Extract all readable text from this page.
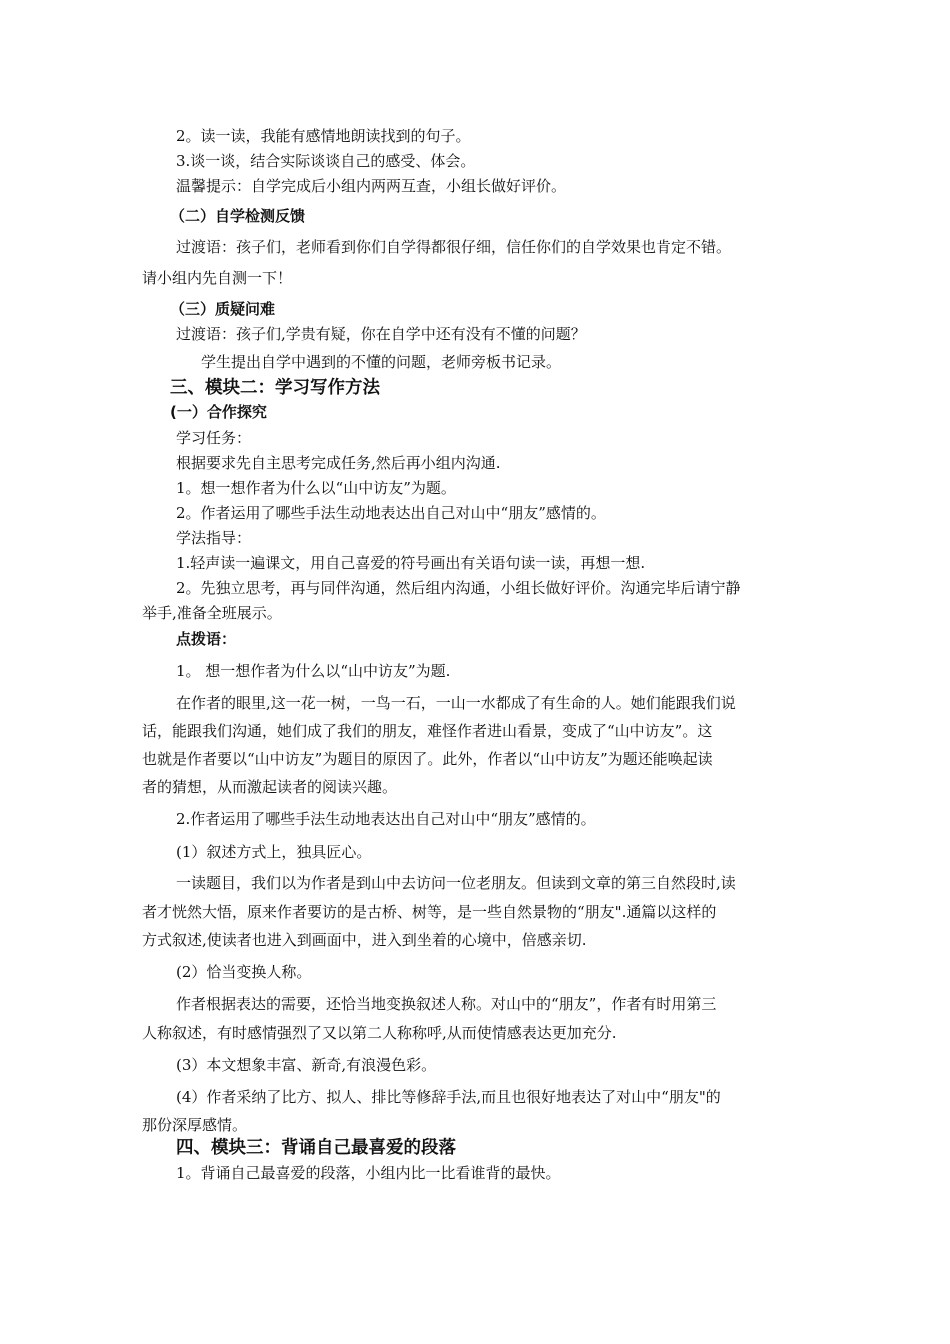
2。读一读，我能有感情地朗读找到的句子。
3.谈一谈，结合实际谈谈自己的感受、体会。
温馨提示：自学完成后小组内两两互查，小组长做好评价。
（二）自学检测反馈
过渡语：孩子们，老师看到你们自学得都很仔细，信任你们的自学效果也肯定不错。
请小组内先自测一下！
（三）质疑问难
过渡语：孩子们,学贵有疑，你在自学中还有没有不懂的问题？
学生提出自学中遇到的不懂的问题，老师旁板书记录。
三、模块二：学习写作方法
(一）合作探究
学习任务：
根据要求先自主思考完成任务,然后再小组内沟通.
1。想一想作者为什么以“山中访友”为题。
2。作者运用了哪些手法生动地表达出自己对山中“朋友”感情的。
学法指导：
1.轻声读一遍课文，用自己喜爱的符号画出有关语句读一读，再想一想.
2。先独立思考，再与同伴沟通，然后组内沟通，小组长做好评价。沟通完毕后请宁静
举手,准备全班展示。
点拨语：
1。 想一想作者为什么以“山中访友”为题.
在作者的眼里,这一花一树，一鸟一石，一山一水都成了有生命的人。她们能跟我们说
话，能跟我们沟通，她们成了我们的朋友，难怪作者进山看景，变成了“山中访友”。这
也就是作者要以“山中访友”为题目的原因了。此外，作者以“山中访友”为题还能唤起读
者的猜想，从而激起读者的阅读兴趣。
2.作者运用了哪些手法生动地表达出自己对山中“朋友”感情的。
(1）叙述方式上，独具匠心。
一读题目，我们以为作者是到山中去访问一位老朋友。但读到文章的第三自然段时,读
者才恍然大悟，原来作者要访的是古桥、树等，是一些自然景物的“朋友".通篇以这样的
方式叙述,使读者也进入到画面中，进入到坐着的心境中，倍感亲切.
(2）恰当变换人称。
作者根据表达的需要，还恰当地变换叙述人称。对山中的“朋友”，作者有时用第三
人称叙述，有时感情强烈了又以第二人称称呼,从而使情感表达更加充分.
(3）本文想象丰富、新奇,有浪漫色彩。
(4）作者采纳了比方、拟人、排比等修辞手法,而且也很好地表达了对山中“朋友"的
那份深厚感情。
四、模块三：背诵自己最喜爱的段落
1。背诵自己最喜爱的段落，小组内比一比看谁背的最快。
